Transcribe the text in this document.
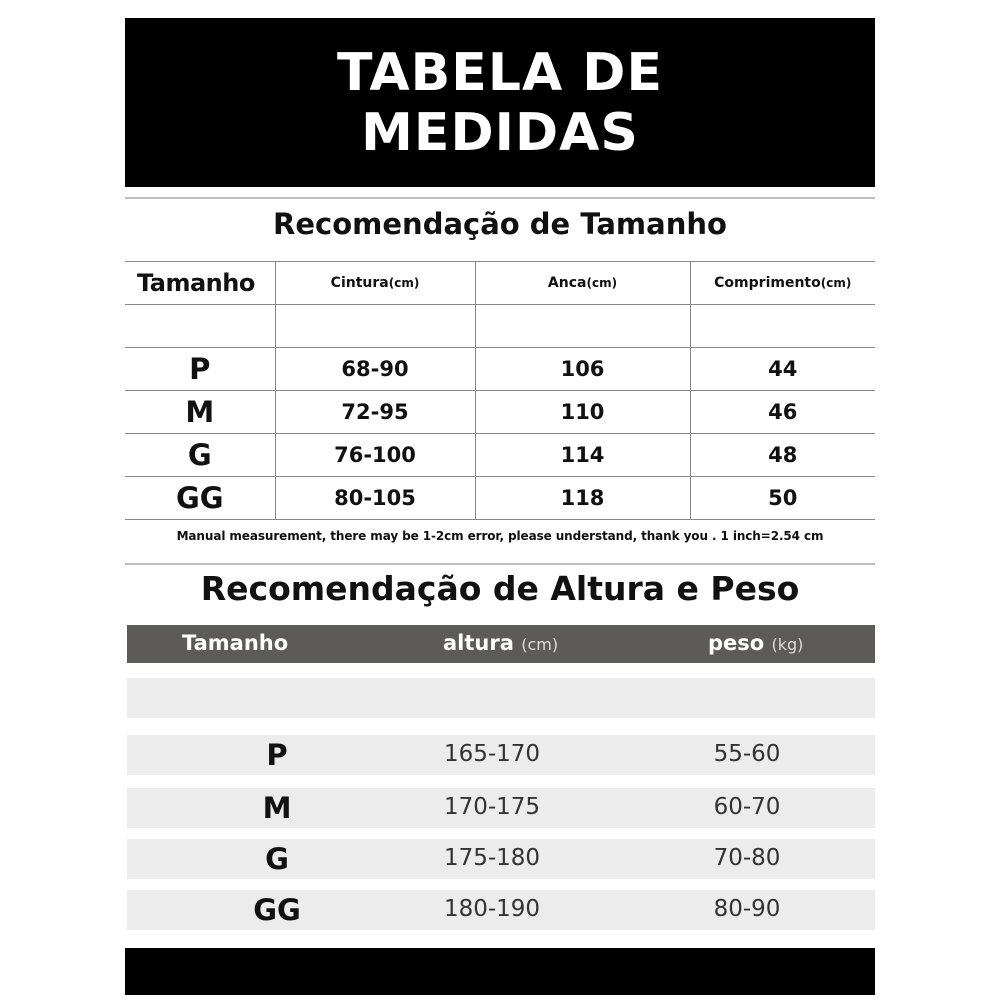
TABELA DE
MEDIDAS
Recomendação de Tamanho
Tamanho	Cintura(cm)	Anca(cm)	Comprimento(cm)

P	68-90	106	44
M	72-95	110	46
G	76-100	114	48
GG	80-105	118	50
Manual measurement, there may be 1-2cm error, please understand, thank you . 1 inch=2.54 cm
Recomendação de Altura e Peso
Tamanho	altura (cm)	peso (kg)
P	165-170	55-60
M	170-175	60-70
G	175-180	70-80
GG	180-190	80-90
